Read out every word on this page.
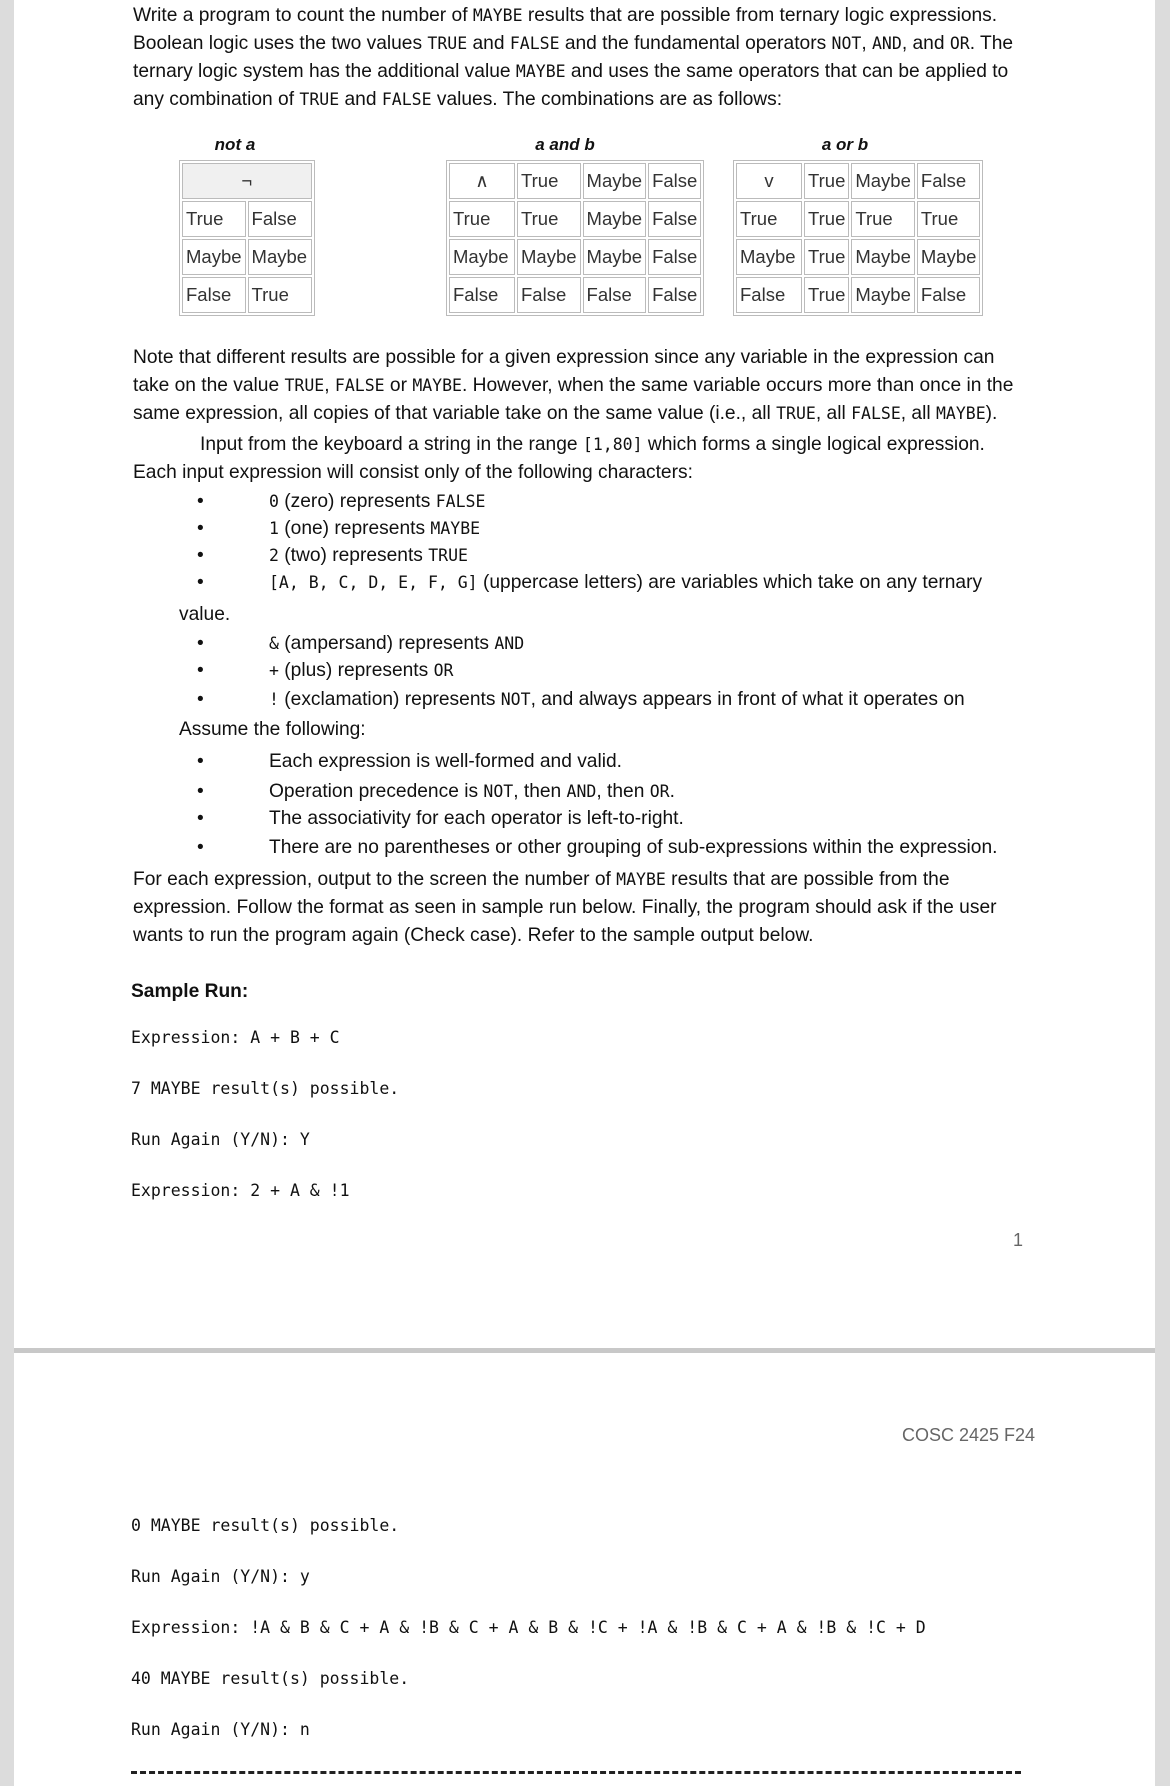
Write a program to count the number of MAYBE results that are possible from ternary logic expressions. Boolean logic uses the two values TRUE and FALSE and the fundamental operators NOT, AND, and OR. The ternary logic system has the additional value MAYBE and uses the same operators that can be applied to any combination of TRUE and FALSE values. The combinations are as follows:

not a
¬	
True	False
Maybe	Maybe
False	True
a and b
∧	True	Maybe	False
True	True	Maybe	False
Maybe	Maybe	Maybe	False
False	False	False	False
a or b
v	True	Maybe	False
True	True	True	True
Maybe	True	Maybe	Maybe
False	True	Maybe	False

Note that different results are possible for a given expression since any variable in the expression can take on the value TRUE, FALSE or MAYBE. However, when the same variable occurs more than once in the same expression, all copies of that variable take on the same value (i.e., all TRUE, all FALSE, all MAYBE).

Input from the keyboard a string in the range [1,80] which forms a single logical expression. Each input expression will consist only of the following characters:

•	0 (zero) represents FALSE
•	1 (one) represents MAYBE
•	2 (two) represents TRUE
•	[A, B, C, D, E, F, G] (uppercase letters) are variables which take on any ternary
value.
•	& (ampersand) represents AND
•	+ (plus) represents OR
•	! (exclamation) represents NOT, and always appears in front of what it operates on
Assume the following:
•	Each expression is well-formed and valid.
•	Operation precedence is NOT, then AND, then OR.
•	The associativity for each operator is left-to-right.
•	There are no parentheses or other grouping of sub-expressions within the expression.

For each expression, output to the screen the number of MAYBE results that are possible from the expression. Follow the format as seen in sample run below. Finally, the program should ask if the user wants to run the program again (Check case). Refer to the sample output below.

Sample Run:
Expression: A + B + C
7 MAYBE result(s) possible.
Run Again (Y/N): Y
Expression: 2 + A & !1
1
COSC 2425 F24
0 MAYBE result(s) possible.
Run Again (Y/N): y
Expression: !A & B & C + A & !B & C + A & B & !C + !A & !B & C + A & !B & !C + D
40 MAYBE result(s) possible.
Run Again (Y/N): n
